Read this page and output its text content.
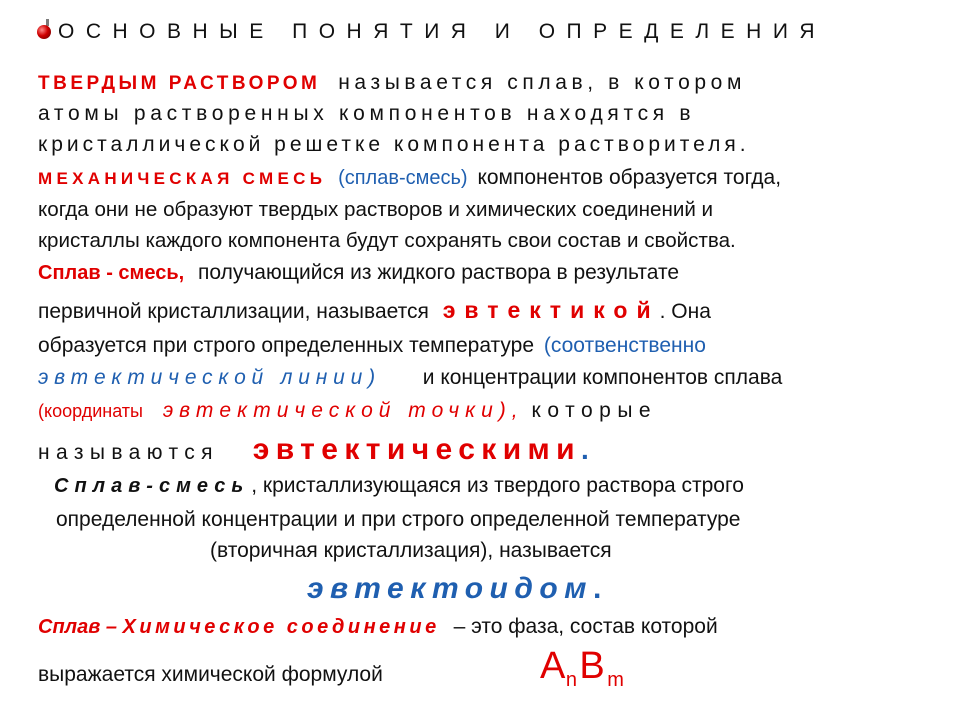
ОСНОВНЫЕ ПОНЯТИЯ И ОПРЕДЕЛЕНИЯ
ТВЕРДЫМ РАСТВОРОМ называется сплав, в котором
атомы растворенных компонентов находятся в
кристаллической решетке компонента растворителя.
МЕХАНИЧЕСКАЯ СМЕСЬ (сплав-смесь) компонентов образуется тогда,
когда они не образуют твердых растворов и химических соединений и
кристаллы каждого компонента будут сохранять свои состав и свойства.
Сплав - смесь, получающийся из жидкого раствора в результате
первичной кристаллизации, называется эвтектикой. Она
образуется при строго определенных температуре (соотвенственно
эвтектической линии) и концентрации компонентов сплава
(координаты эвтектической точки), которые
называются эвтектическими.
Сплав-смесь, кристаллизующаяся из твердого раствора строго
определенной концентрации и при строго определенной температуре
(вторичная кристаллизация), называется
эвтектоидом.
Сплав – Химическое соединение – это фаза, состав которой
выражается химической формулой	A n B m
